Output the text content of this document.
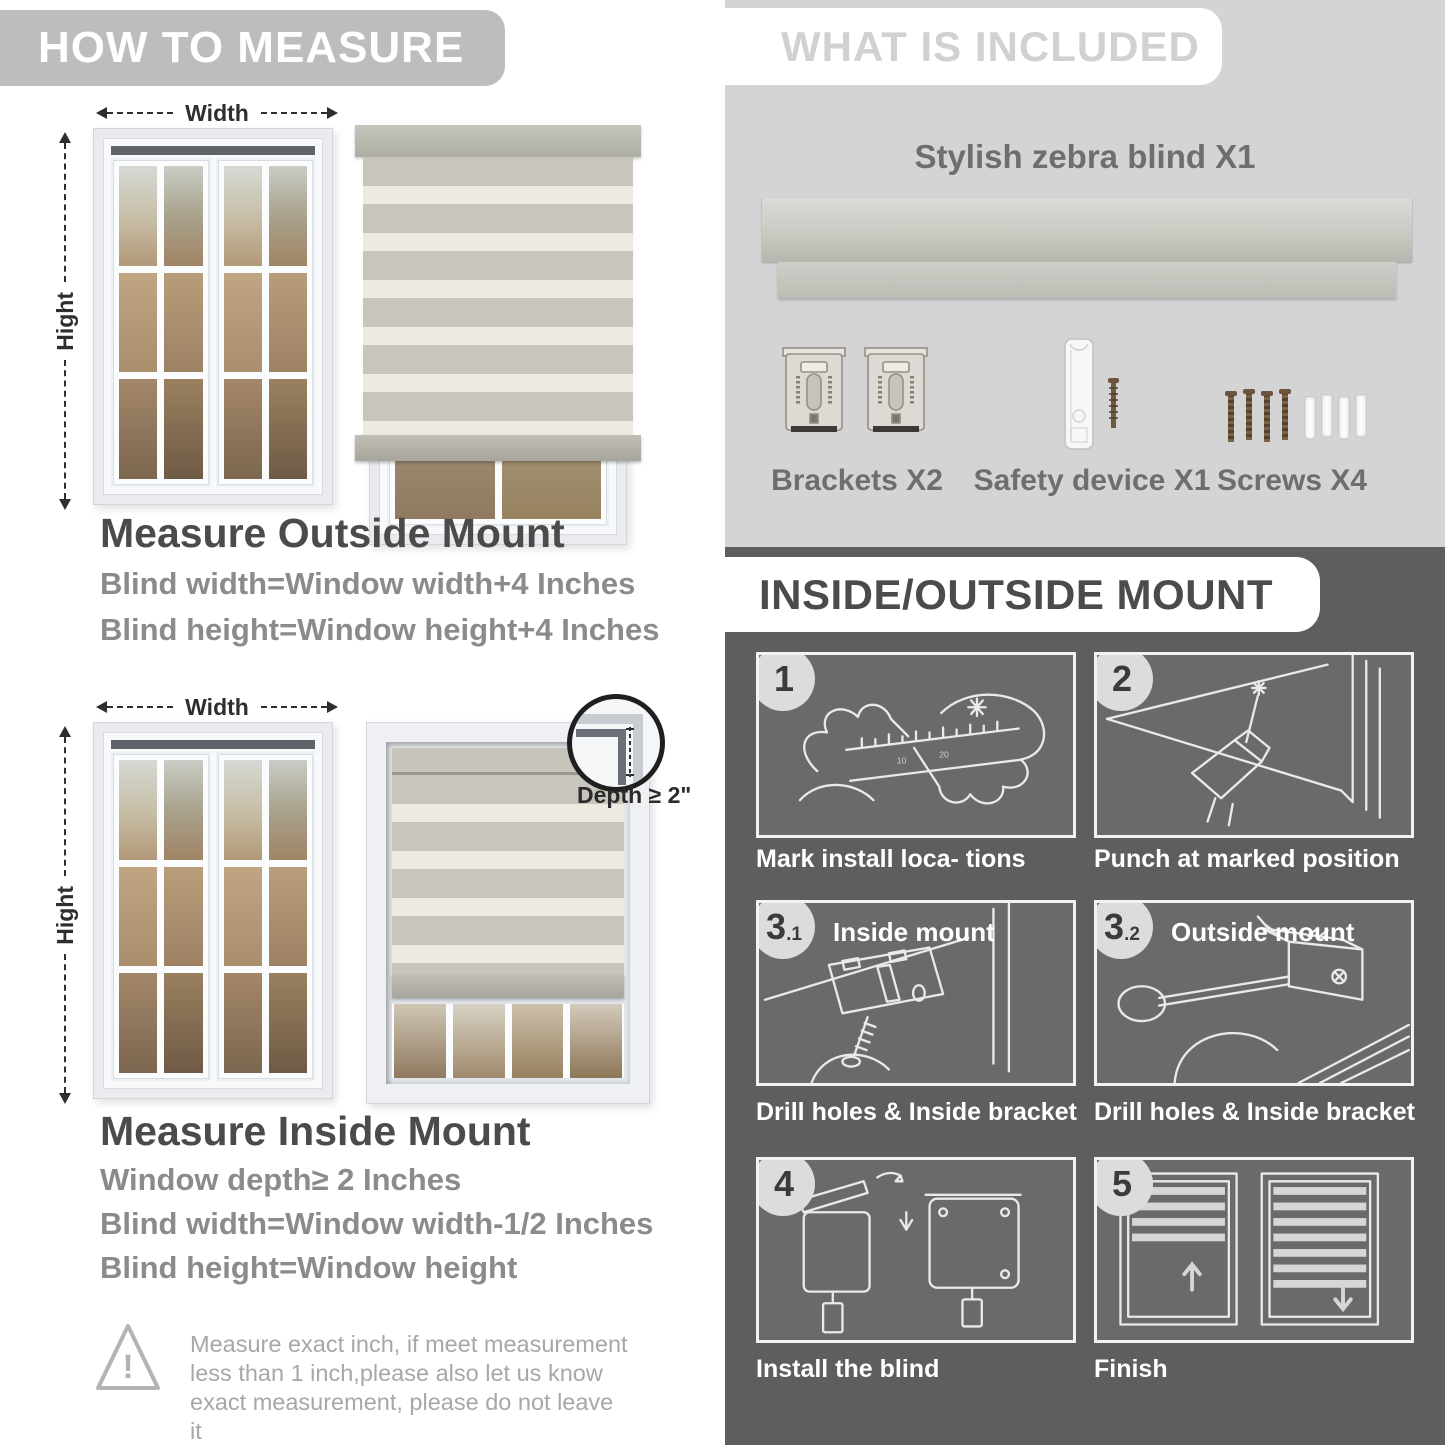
HOW TO MEASURE
Width
Hight
Measure Outside Mount
Blind width=Window width+4 Inches
Blind height=Window height+4 Inches
Width
Hight
Depth ≥ 2"
Measure Inside Mount
Window depth≥ 2 Inches
Blind width=Window width-1/2 Inches
Blind height=Window height
!
Measure exact inch, if meet measurement less than 1 inch,please also let us know exact measurement, please do not leave it
WHAT IS INCLUDED
Stylish zebra blind X1
Brackets X2	Safety device X1 Screws X4
INSIDE/OUTSIDE MOUNT
10
20
1
Mark install loca- tions
2
Punch at marked position
3 .1 Inside mount
Drill holes & Inside bracket
3 .2 Outside mount
Drill holes & Inside bracket
4
Install the blind
5
Finish
